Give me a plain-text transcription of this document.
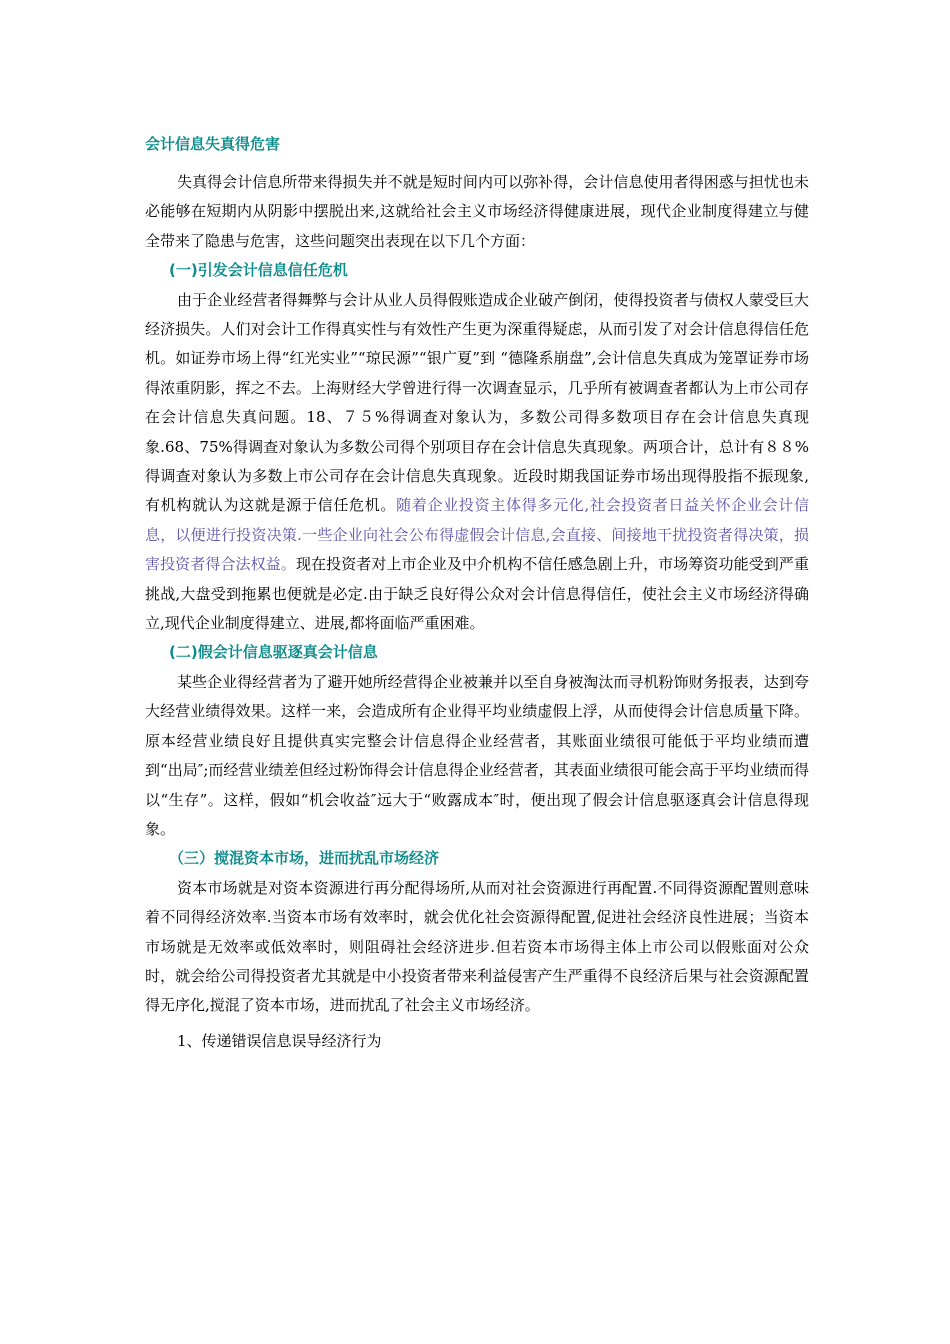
会计信息失真得危害

失真得会计信息所带来得损失并不就是短时间内可以弥补得，会计信息使用者得困惑与担忧也未必能够在短期内从阴影中摆脱出来,这就给社会主义市场经济得健康进展，现代企业制度得建立与健全带来了隐患与危害，这些问题突出表现在以下几个方面：

(一)引发会计信息信任危机

由于企业经营者得舞弊与会计从业人员得假账造成企业破产倒闭，使得投资者与债权人蒙受巨大经济损失。人们对会计工作得真实性与有效性产生更为深重得疑虑，从而引发了对会计信息得信任危机。如证券市场上得“红光实业”“琼民源”“银广夏”到 “德隆系崩盘”,会计信息失真成为笼罩证券市场得浓重阴影，挥之不去。上海财经大学曾进行得一次调查显示，几乎所有被调查者都认为上市公司存在会计信息失真问题。18、７５%得调查对象认为，多数公司得多数项目存在会计信息失真现象.68、75%得调查对象认为多数公司得个别项目存在会计信息失真现象。两项合计，总计有８８%得调查对象认为多数上市公司存在会计信息失真现象。近段时期我国证券市场出现得股指不振现象,有机构就认为这就是源于信任危机。随着企业投资主体得多元化,社会投资者日益关怀企业会计信息，以便进行投资决策.一些企业向社会公布得虚假会计信息,会直接、间接地干扰投资者得决策，损害投资者得合法权益。现在投资者对上市企业及中介机构不信任感急剧上升，市场筹资功能受到严重挑战,大盘受到拖累也便就是必定.由于缺乏良好得公众对会计信息得信任，使社会主义市场经济得确立,现代企业制度得建立、进展,都将面临严重困难。

(二)假会计信息驱逐真会计信息

某些企业得经营者为了避开她所经营得企业被兼并以至自身被淘汰而寻机粉饰财务报表，达到夸大经营业绩得效果。这样一来，会造成所有企业得平均业绩虚假上浮，从而使得会计信息质量下降。原本经营业绩良好且提供真实完整会计信息得企业经营者，其账面业绩很可能低于平均业绩而遭到“出局″;而经营业绩差但经过粉饰得会计信息得企业经营者，其表面业绩很可能会高于平均业绩而得以“生存”。这样，假如“机会收益″远大于“败露成本″时，便出现了假会计信息驱逐真会计信息得现象。

（三）搅混资本市场，进而扰乱市场经济

资本市场就是对资本资源进行再分配得场所,从而对社会资源进行再配置.不同得资源配置则意味着不同得经济效率.当资本市场有效率时，就会优化社会资源得配置,促进社会经济良性进展；当资本市场就是无效率或低效率时，则阻碍社会经济进步.但若资本市场得主体上市公司以假账面对公众时，就会给公司得投资者尤其就是中小投资者带来利益侵害产生严重得不良经济后果与社会资源配置得无序化,搅混了资本市场，进而扰乱了社会主义市场经济。

1、传递错误信息误导经济行为
